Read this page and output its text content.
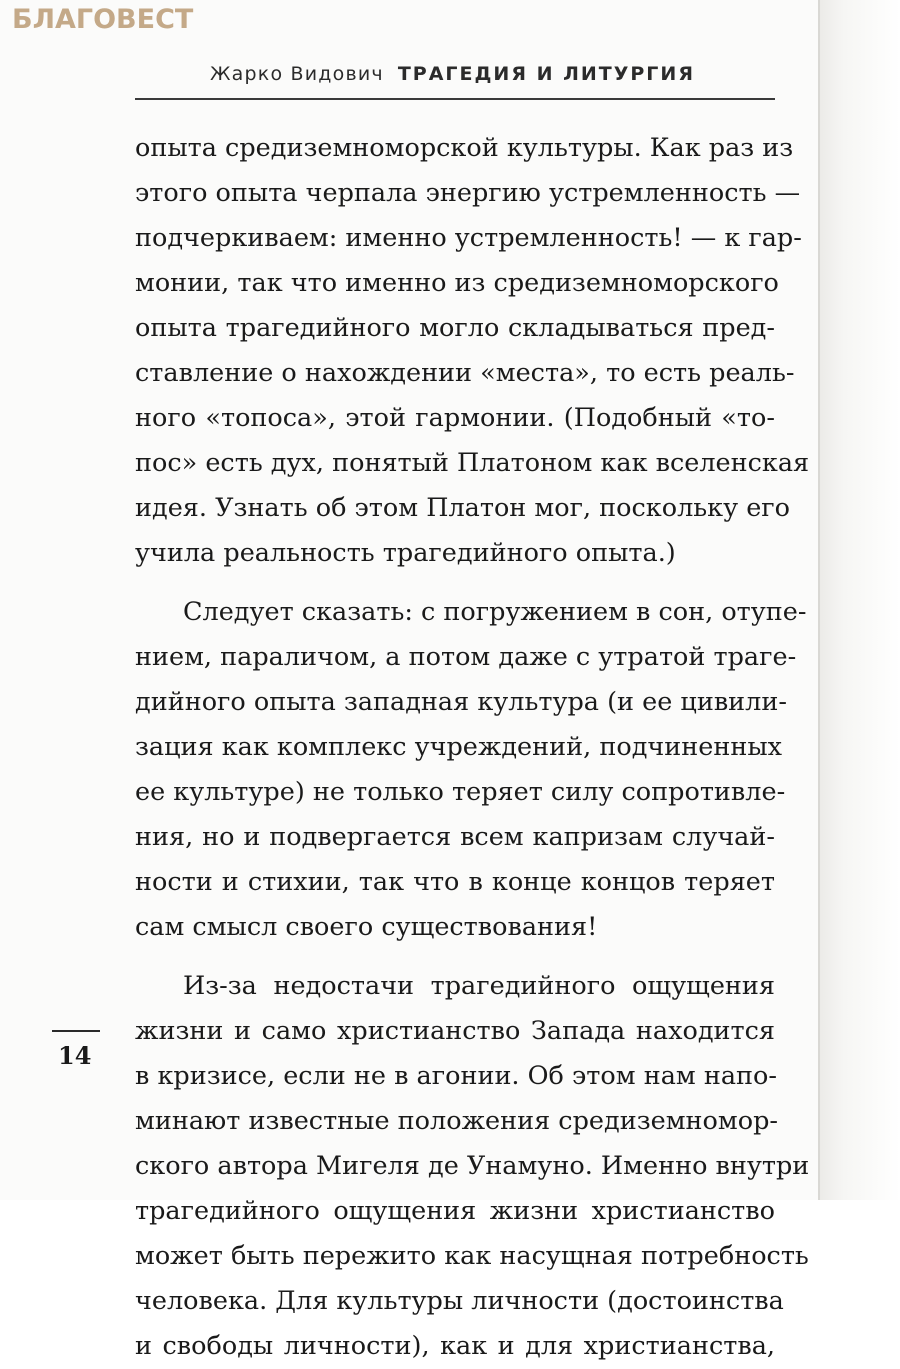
БЛАГОВЕСТ
Жарко Видович ТРАГЕДИЯ И ЛИТУРГИЯ
опыта средиземноморской культуры. Как раз из
этого опыта черпала энергию устремленность —
подчеркиваем: именно устремленность! — к гар-
монии, так что именно из средиземноморского
опыта трагедийного могло складываться пред-
ставление о нахождении «места», то есть реаль-
ного «топоса», этой гармонии. (Подобный «то-
пос» есть дух, понятый Платоном как вселенская
идея. Узнать об этом Платон мог, поскольку его
учила реальность трагедийного опыта.)
Следует сказать: с погружением в сон, отупе-
нием, параличом, а потом даже с утратой траге-
дийного опыта западная культура (и ее цивили-
зация как комплекс учреждений, подчиненных
ее культуре) не только теряет силу сопротивле-
ния, но и подвергается всем капризам случай-
ности и стихии, так что в конце концов теряет
сам смысл своего существования!
Из-за недостачи трагедийного ощущения
жизни и само христианство Запада находится
в кризисе, если не в агонии. Об этом нам напо-
минают известные положения средиземномор-
ского автора Мигеля де Унамуно. Именно внутри
трагедийного ощущения жизни христианство
может быть пережито как насущная потребность
человека. Для культуры личности (достоинства
и свободы личности), как и для христианства,
14
